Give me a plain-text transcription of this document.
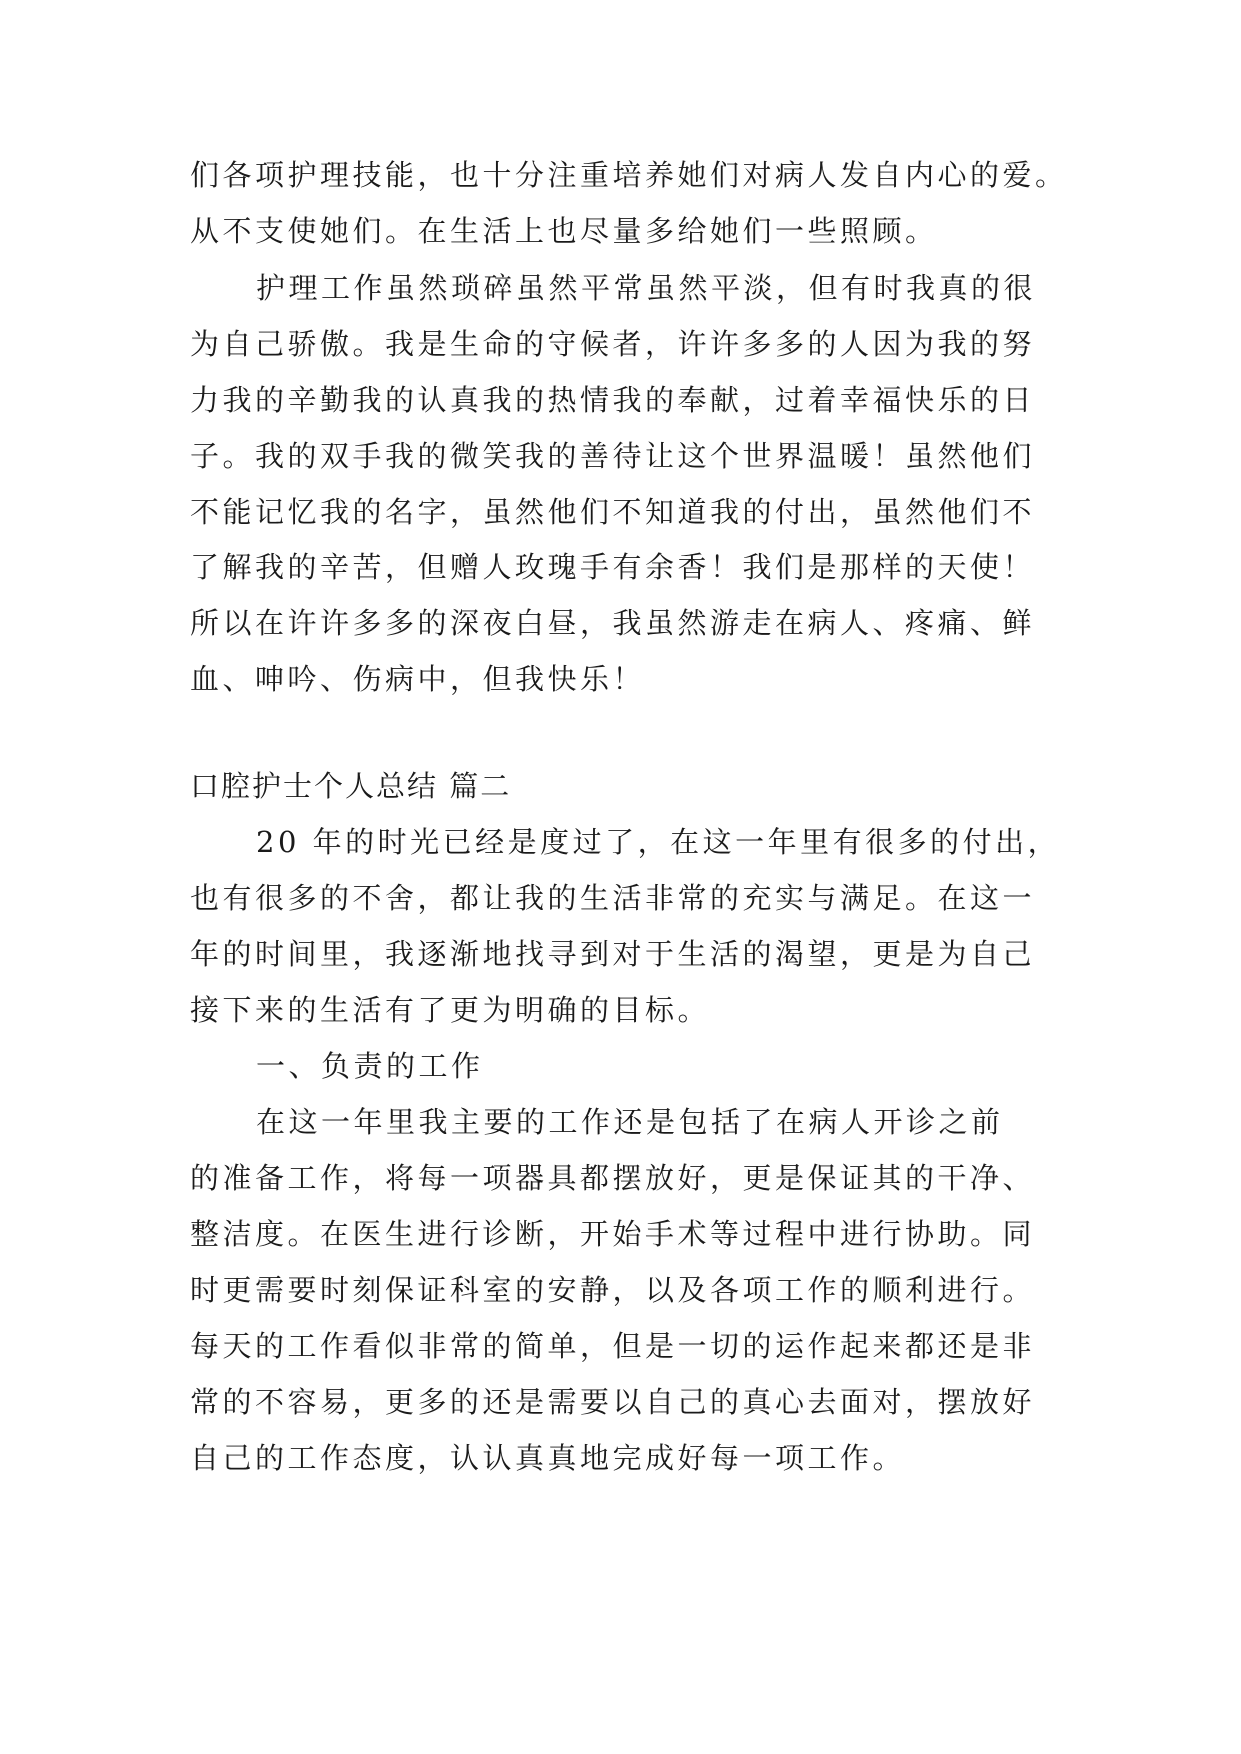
们各项护理技能，也十分注重培养她们对病人发自内心的爱。

从不支使她们。在生活上也尽量多给她们一些照顾。

护理工作虽然琐碎虽然平常虽然平淡，但有时我真的很

为自己骄傲。我是生命的守候者，许许多多的人因为我的努

力我的辛勤我的认真我的热情我的奉献，过着幸福快乐的日

子。我的双手我的微笑我的善待让这个世界温暖！虽然他们

不能记忆我的名字，虽然他们不知道我的付出，虽然他们不

了解我的辛苦，但赠人玫瑰手有余香！我们是那样的天使！

所以在许许多多的深夜白昼，我虽然游走在病人、疼痛、鲜

血、呻吟、伤病中，但我快乐！

口腔护士个人总结 篇二

20 年的时光已经是度过了，在这一年里有很多的付出，

也有很多的不舍，都让我的生活非常的充实与满足。在这一

年的时间里，我逐渐地找寻到对于生活的渴望，更是为自己

接下来的生活有了更为明确的目标。

一、负责的工作

在这一年里我主要的工作还是包括了在病人开诊之前

的准备工作，将每一项器具都摆放好，更是保证其的干净、

整洁度。在医生进行诊断，开始手术等过程中进行协助。同

时更需要时刻保证科室的安静，以及各项工作的顺利进行。

每天的工作看似非常的简单，但是一切的运作起来都还是非

常的不容易，更多的还是需要以自己的真心去面对，摆放好

自己的工作态度，认认真真地完成好每一项工作。
